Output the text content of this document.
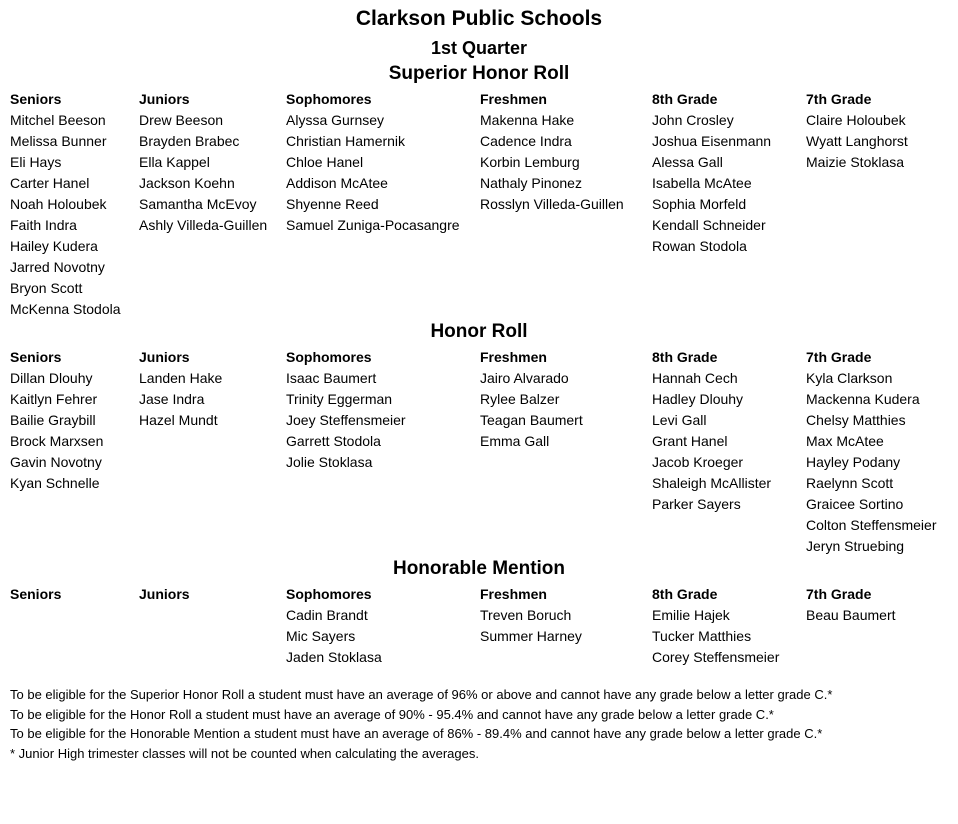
Clarkson Public Schools
1st Quarter
Superior Honor Roll
Seniors
Mitchel Beeson
Melissa Bunner
Eli Hays
Carter Hanel
Noah Holoubek
Faith Indra
Hailey Kudera
Jarred Novotny
Bryon Scott
McKenna Stodola
Juniors
Drew Beeson
Brayden Brabec
Ella Kappel
Jackson Koehn
Samantha McEvoy
Ashly Villeda-Guillen
Sophomores
Alyssa Gurnsey
Christian Hamernik
Chloe Hanel
Addison McAtee
Shyenne Reed
Samuel Zuniga-Pocasangre
Freshmen
Makenna Hake
Cadence Indra
Korbin Lemburg
Nathaly Pinonez
Rosslyn Villeda-Guillen
8th Grade
John Crosley
Joshua Eisenmann
Alessa Gall
Isabella McAtee
Sophia Morfeld
Kendall Schneider
Rowan Stodola
7th Grade
Claire Holoubek
Wyatt Langhorst
Maizie Stoklasa
Honor Roll
Seniors
Dillan Dlouhy
Kaitlyn Fehrer
Bailie Graybill
Brock Marxsen
Gavin Novotny
Kyan Schnelle
Juniors
Landen Hake
Jase Indra
Hazel Mundt
Sophomores
Isaac Baumert
Trinity Eggerman
Joey Steffensmeier
Garrett Stodola
Jolie Stoklasa
Freshmen
Jairo Alvarado
Rylee Balzer
Teagan Baumert
Emma Gall
8th Grade
Hannah Cech
Hadley Dlouhy
Levi Gall
Grant Hanel
Jacob Kroeger
Shaleigh McAllister
Parker Sayers
7th Grade
Kyla Clarkson
Mackenna Kudera
Chelsy Matthies
Max McAtee
Hayley Podany
Raelynn Scott
Graicee Sortino
Colton Steffensmeier
Jeryn Struebing
Honorable Mention
Seniors	Juniors	Sophomores
Cadin Brandt
Mic Sayers
Jaden Stoklasa
Freshmen
Treven Boruch
Summer Harney
8th Grade
Emilie Hajek
Tucker Matthies
Corey Steffensmeier
7th Grade
Beau Baumert
To be eligible for the Superior Honor Roll a student must have an average of 96% or above and cannot have any grade below a letter grade C.*
To be eligible for the Honor Roll a student must have an average of 90% - 95.4% and cannot have any grade below a letter grade C.*
To be eligible for the Honorable Mention a student must have an average of 86% - 89.4% and cannot have any grade below a letter grade C.*
* Junior High trimester classes will not be counted when calculating the averages.
